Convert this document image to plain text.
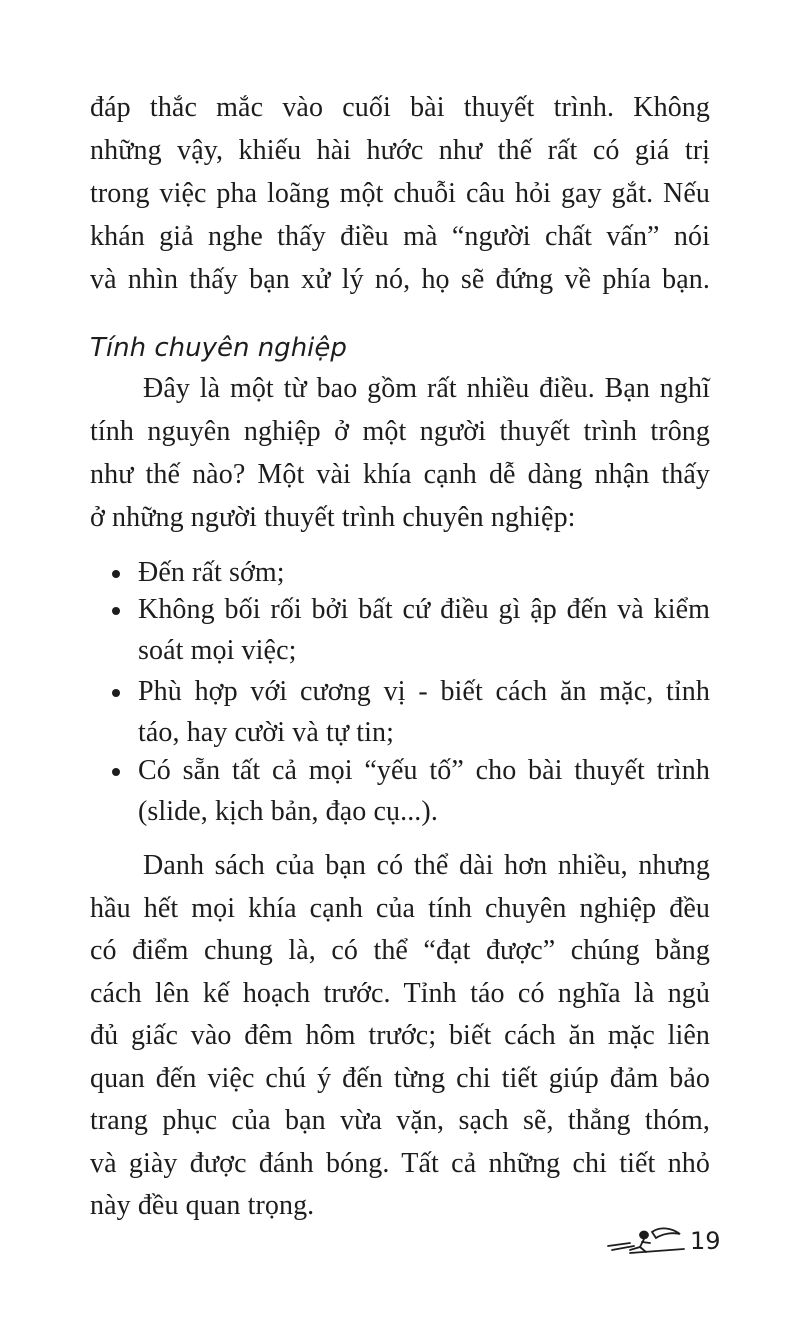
đáp thắc mắc vào cuối bài thuyết trình. Không
những vậy, khiếu hài hước như thế rất có giá trị
trong việc pha loãng một chuỗi câu hỏi gay gắt. Nếu
khán giả nghe thấy điều mà “người chất vấn” nói
và nhìn thấy bạn xử lý nó, họ sẽ đứng về phía bạn.
Tính chuyên nghiệp
Đây là một từ bao gồm rất nhiều điều. Bạn nghĩ
tính nguyên nghiệp ở một người thuyết trình trông
như thế nào? Một vài khía cạnh dễ dàng nhận thấy
ở những người thuyết trình chuyên nghiệp:
Đến rất sớm;
Không bối rối bởi bất cứ điều gì ập đến và kiểm
soát mọi việc;
Phù hợp với cương vị - biết cách ăn mặc, tỉnh
táo, hay cười và tự tin;
Có sẵn tất cả mọi “yếu tố” cho bài thuyết trình
(slide, kịch bản, đạo cụ...).
Danh sách của bạn có thể dài hơn nhiều, nhưng
hầu hết mọi khía cạnh của tính chuyên nghiệp đều
có điểm chung là, có thể “đạt được” chúng bằng
cách lên kế hoạch trước. Tỉnh táo có nghĩa là ngủ
đủ giấc vào đêm hôm trước; biết cách ăn mặc liên
quan đến việc chú ý đến từng chi tiết giúp đảm bảo
trang phục của bạn vừa vặn, sạch sẽ, thẳng thóm,
và giày được đánh bóng. Tất cả những chi tiết nhỏ
này đều quan trọng.
19
